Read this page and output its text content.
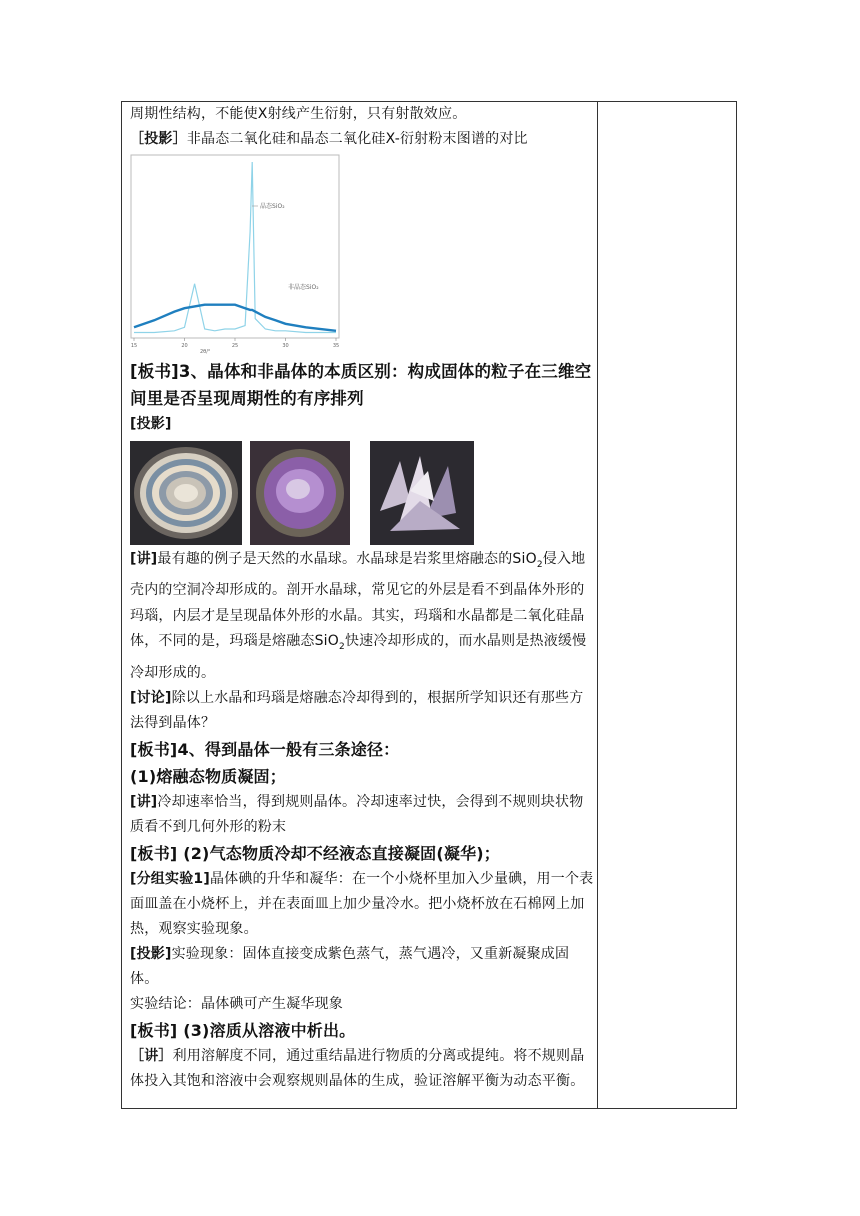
周期性结构，不能使X射线产生衍射，只有射散效应。

［投影］非晶态二氧化硅和晶态二氧化硅X-衍射粉末图谱的对比

15	20	25	30	35
晶态SiO₂
非晶态SiO₂
2θ/°

[板书]3、晶体和非晶体的本质区别：构成固体的粒子在三维空间里是否呈现周期性的有序排列

[投影]

[讲]最有趣的例子是天然的水晶球。水晶球是岩浆里熔融态的SiO$_2$侵入地壳内的空洞冷却形成的。剖开水晶球，常见它的外层是看不到晶体外形的玛瑙，内层才是呈现晶体外形的水晶。其实，玛瑙和水晶都是二氧化硅晶体，不同的是，玛瑙是熔融态SiO$_2$快速冷却形成的，而水晶则是热液缓慢冷却形成的。

[讨论]除以上水晶和玛瑙是熔融态冷却得到的，根据所学知识还有那些方法得到晶体？

[板书]4、得到晶体一般有三条途径：

(1)熔融态物质凝固；

[讲]冷却速率恰当，得到规则晶体。冷却速率过快，会得到不规则块状物质看不到几何外形的粉末

[板书] (2)气态物质冷却不经液态直接凝固(凝华)；

[分组实验1]晶体碘的升华和凝华：在一个小烧杯里加入少量碘，用一个表面皿盖在小烧杯上，并在表面皿上加少量冷水。把小烧杯放在石棉网上加热，观察实验现象。

[投影]实验现象：固体直接变成紫色蒸气，蒸气遇冷，又重新凝聚成固体。

实验结论：晶体碘可产生凝华现象

[板书] (3)溶质从溶液中析出。

［讲］利用溶解度不同，通过重结晶进行物质的分离或提纯。将不规则晶体投入其饱和溶液中会观察规则晶体的生成，验证溶解平衡为动态平衡。
